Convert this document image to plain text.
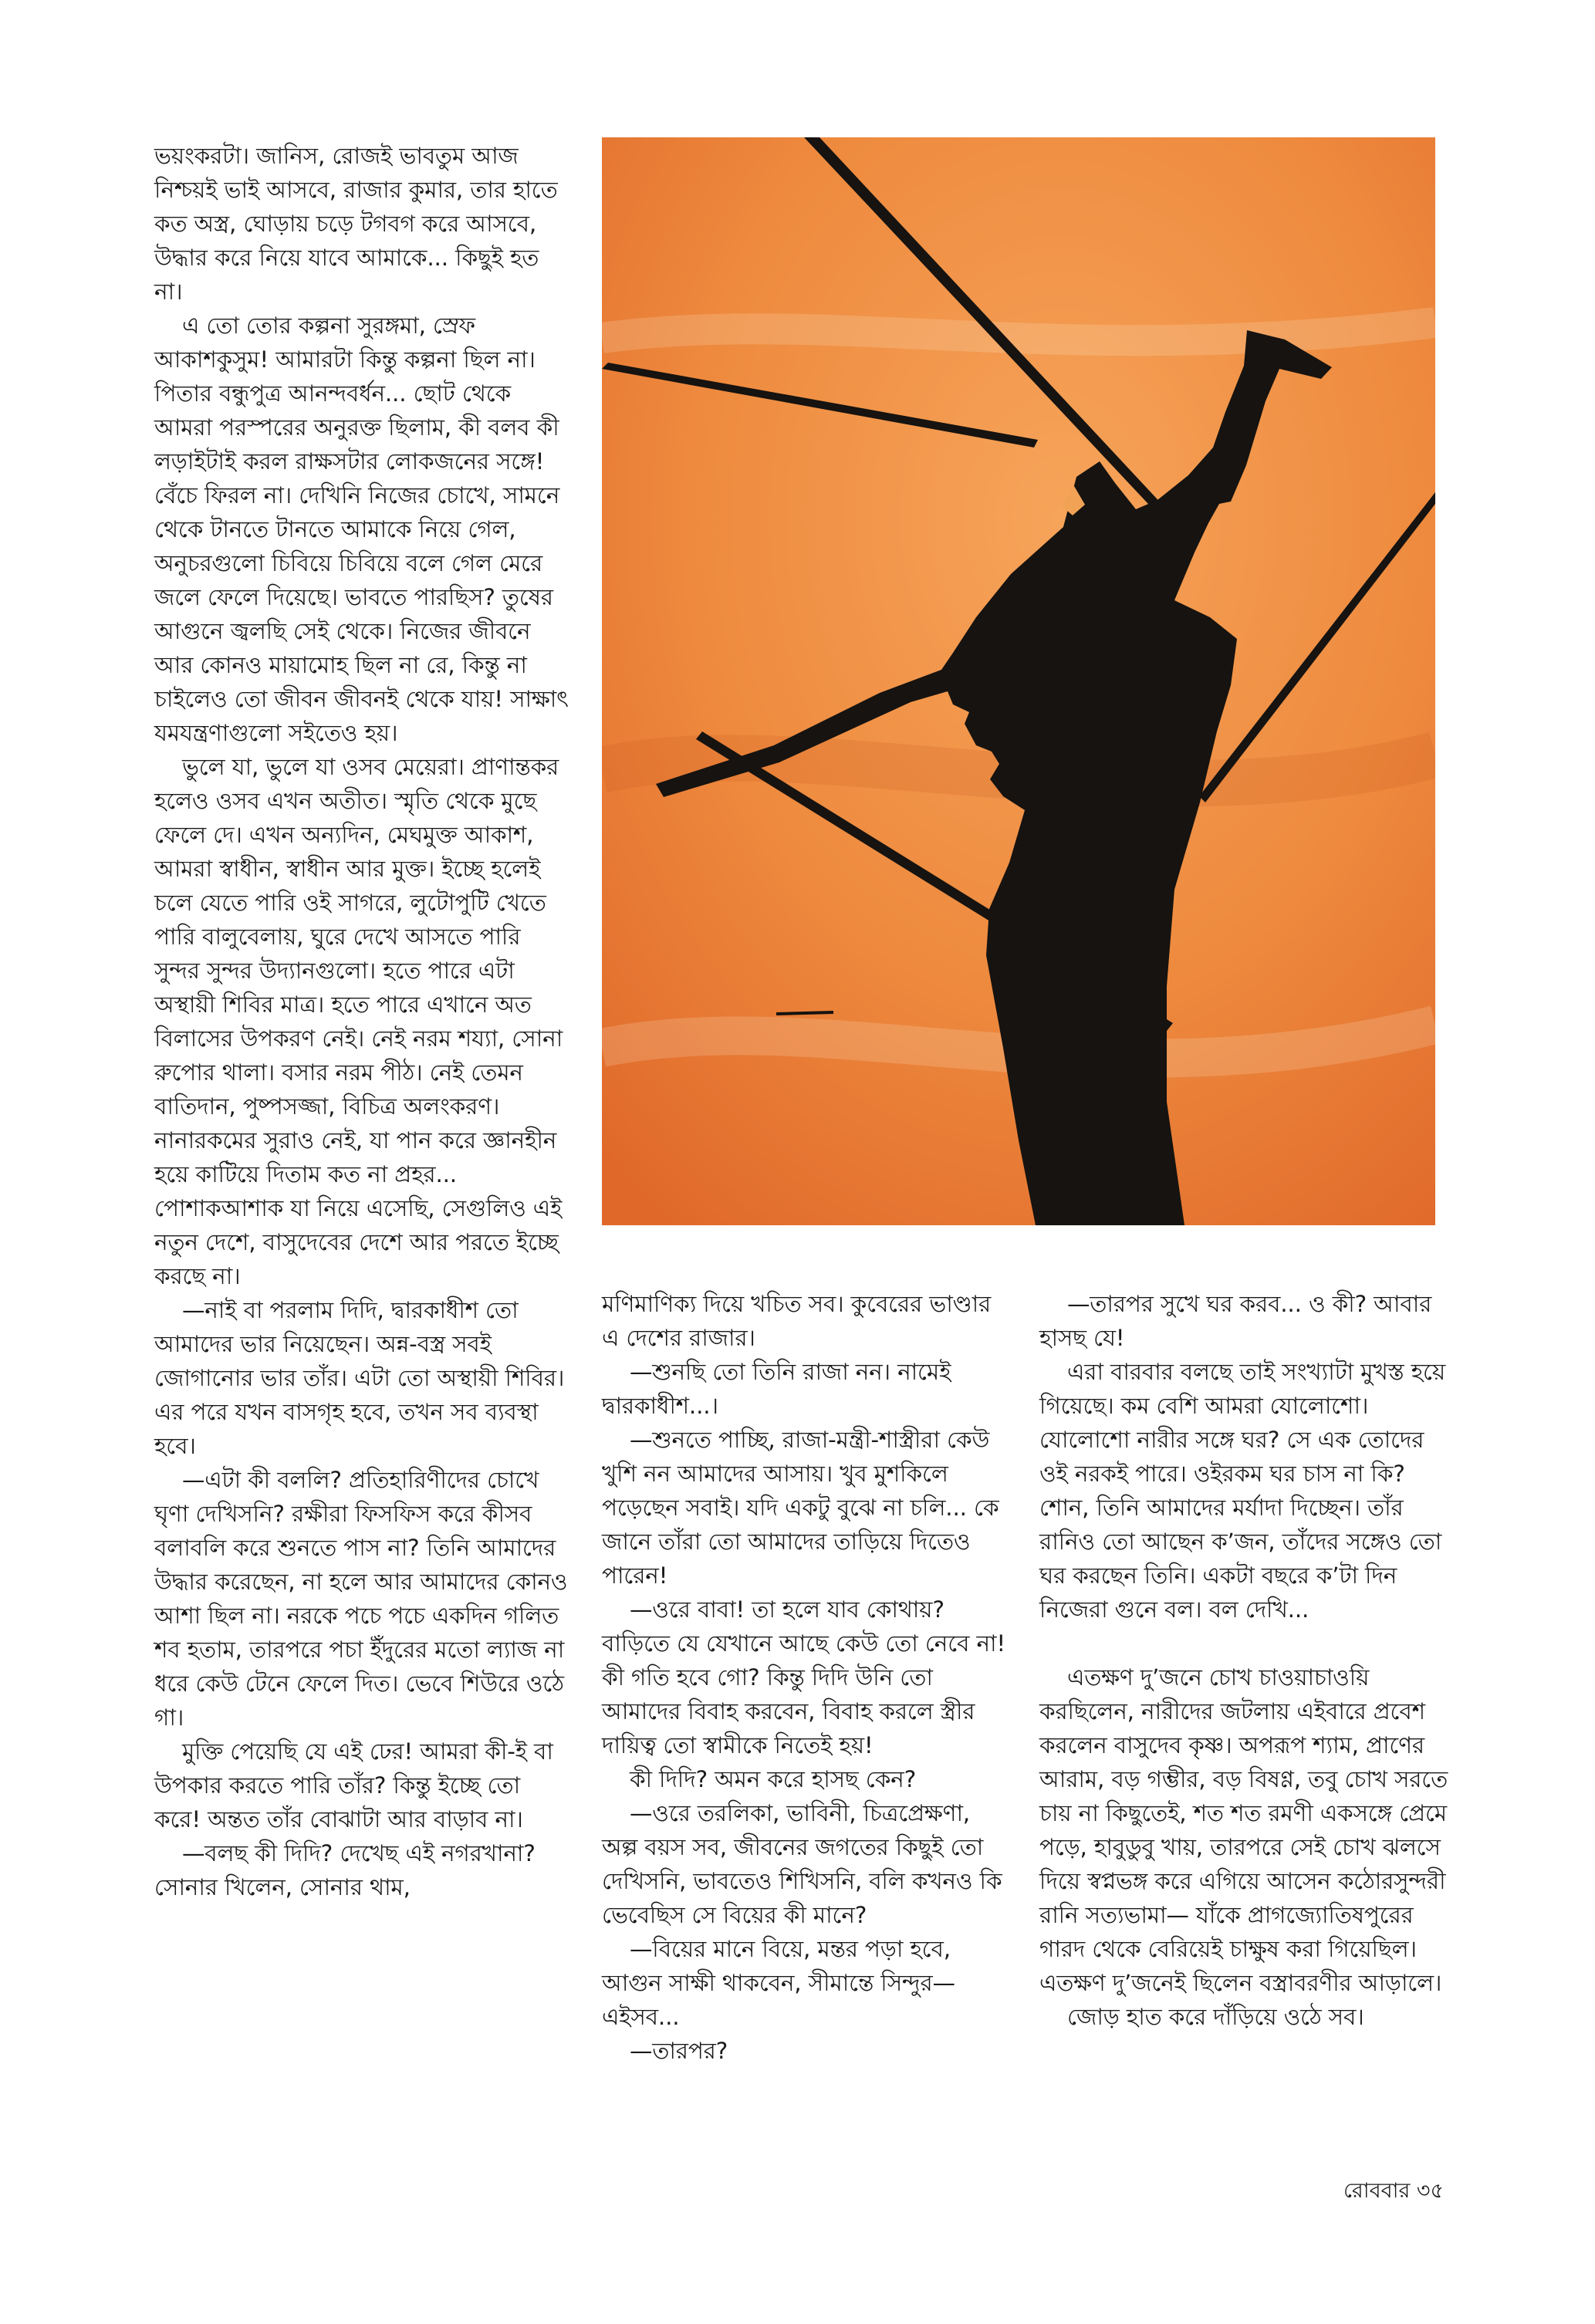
ভয়ংকরটা। জানিস, রোজই ভাবতুম আজ নিশ্চয়ই ভাই আসবে, রাজার কুমার, তার হাতে কত অস্ত্র, ঘোড়ায় চড়ে টগবগ করে আসবে, উদ্ধার করে নিয়ে যাবে আমাকে... কিছুই হত না।

এ তো তোর কল্পনা সুরঙ্গমা, স্রেফ আকাশকুসুম! আমারটা কিন্তু কল্পনা ছিল না। পিতার বন্ধুপুত্র আনন্দবর্ধন... ছোট থেকে আমরা পরস্পরের অনুরক্ত ছিলাম, কী বলব কী লড়াইটাই করল রাক্ষসটার লোকজনের সঙ্গে! বেঁচে ফিরল না। দেখিনি নিজের চোখে, সামনে থেকে টানতে টানতে আমাকে নিয়ে গেল, অনুচরগুলো চিবিয়ে চিবিয়ে বলে গেল মেরে জলে ফেলে দিয়েছে। ভাবতে পারছিস? তুষের আগুনে জ্বলছি সেই থেকে। নিজের জীবনে আর কোনও মায়ামোহ ছিল না রে, কিন্তু না চাইলেও তো জীবন জীবনই থেকে যায়! সাক্ষাৎ যমযন্ত্রণাগুলো সইতেও হয়।

ভুলে যা, ভুলে যা ওসব মেয়েরা। প্রাণান্তকর হলেও ওসব এখন অতীত। স্মৃতি থেকে মুছে ফেলে দে। এখন অন্যদিন, মেঘমুক্ত আকাশ, আমরা স্বাধীন, স্বাধীন আর মুক্ত। ইচ্ছে হলেই চলে যেতে পারি ওই সাগরে, লুটোপুটি খেতে পারি বালুবেলায়, ঘুরে দেখে আসতে পারি সুন্দর সুন্দর উদ্যানগুলো। হতে পারে এটা অস্থায়ী শিবির মাত্র। হতে পারে এখানে অত বিলাসের উপকরণ নেই। নেই নরম শয্যা, সোনা রুপোর থালা। বসার নরম পীঠ। নেই তেমন বাতিদান, পুষ্পসজ্জা, বিচিত্র অলংকরণ। নানারকমের সুরাও নেই, যা পান করে জ্ঞানহীন হয়ে কাটিয়ে দিতাম কত না প্রহর... পোশাকআশাক যা নিয়ে এসেছি, সেগুলিও এই নতুন দেশে, বাসুদেবের দেশে আর পরতে ইচ্ছে করছে না।

—নাই বা পরলাম দিদি, দ্বারকাধীশ তো আমাদের ভার নিয়েছেন। অন্ন-বস্ত্র সবই জোগানোর ভার তাঁর। এটা তো অস্থায়ী শিবির। এর পরে যখন বাসগৃহ হবে, তখন সব ব্যবস্থা হবে।

—এটা কী বললি? প্রতিহারিণীদের চোখে ঘৃণা দেখিসনি? রক্ষীরা ফিসফিস করে কীসব বলাবলি করে শুনতে পাস না? তিনি আমাদের উদ্ধার করেছেন, না হলে আর আমাদের কোনও আশা ছিল না। নরকে পচে পচে একদিন গলিত শব হতাম, তারপরে পচা ইঁদুরের মতো ল্যাজ না ধরে কেউ টেনে ফেলে দিত। ভেবে শিউরে ওঠে গা।

মুক্তি পেয়েছি যে এই ঢের! আমরা কী-ই বা উপকার করতে পারি তাঁর? কিন্তু ইচ্ছে তো করে! অন্তত তাঁর বোঝাটা আর বাড়াব না।

—বলছ কী দিদি? দেখেছ এই নগরখানা? সোনার খিলেন, সোনার থাম,

মণিমাণিক্য দিয়ে খচিত সব। কুবেরের ভাণ্ডার এ দেশের রাজার।

—শুনছি তো তিনি রাজা নন। নামেই দ্বারকাধীশ...।

—শুনতে পাচ্ছি, রাজা-মন্ত্রী-শাস্ত্রীরা কেউ খুশি নন আমাদের আসায়। খুব মুশকিলে পড়েছেন সবাই। যদি একটু বুঝে না চলি... কে জানে তাঁরা তো আমাদের তাড়িয়ে দিতেও পারেন!

—ওরে বাবা! তা হলে যাব কোথায়? বাড়িতে যে যেখানে আছে কেউ তো নেবে না! কী গতি হবে গো? কিন্তু দিদি উনি তো আমাদের বিবাহ করবেন, বিবাহ করলে স্ত্রীর দায়িত্ব তো স্বামীকে নিতেই হয়!

কী দিদি? অমন করে হাসছ কেন?

—ওরে তরলিকা, ভাবিনী, চিত্রপ্রেক্ষণা, অল্প বয়স সব, জীবনের জগতের কিছুই তো দেখিসনি, ভাবতেও শিখিসনি, বলি কখনও কি ভেবেছিস সে বিয়ের কী মানে?

—বিয়ের মানে বিয়ে, মন্তর পড়া হবে, আগুন সাক্ষী থাকবেন, সীমান্তে সিন্দুর— এইসব...

—তারপর?

—তারপর সুখে ঘর করব... ও কী? আবার হাসছ যে!

এরা বারবার বলছে তাই সংখ্যাটা মুখস্ত হয়ে গিয়েছে। কম বেশি আমরা যোলোশো। যোলোশো নারীর সঙ্গে ঘর? সে এক তোদের ওই নরকই পারে। ওইরকম ঘর চাস না কি? শোন, তিনি আমাদের মর্যাদা দিচ্ছেন। তাঁর রানিও তো আছেন ক’জন, তাঁদের সঙ্গেও তো ঘর করছেন তিনি। একটা বছরে ক’টা দিন নিজেরা গুনে বল। বল দেখি...

এতক্ষণ দু’জনে চোখ চাওয়াচাওয়ি করছিলেন, নারীদের জটলায় এইবারে প্রবেশ করলেন বাসুদেব কৃষ্ণ। অপরূপ শ্যাম, প্রাণের আরাম, বড় গম্ভীর, বড় বিষণ্ণ, তবু চোখ সরতে চায় না কিছুতেই, শত শত রমণী একসঙ্গে প্রেমে পড়ে, হাবুডুবু খায়, তারপরে সেই চোখ ঝলসে দিয়ে স্বপ্নভঙ্গ করে এগিয়ে আসেন কঠোরসুন্দরী রানি সত্যভামা— যাঁকে প্রাগজ্যোতিষপুরের গারদ থেকে বেরিয়েই চাক্ষুষ করা গিয়েছিল। এতক্ষণ দু’জনেই ছিলেন বস্ত্রাবরণীর আড়ালে।

জোড় হাত করে দাঁড়িয়ে ওঠে সব।

রোববার ৩৫
